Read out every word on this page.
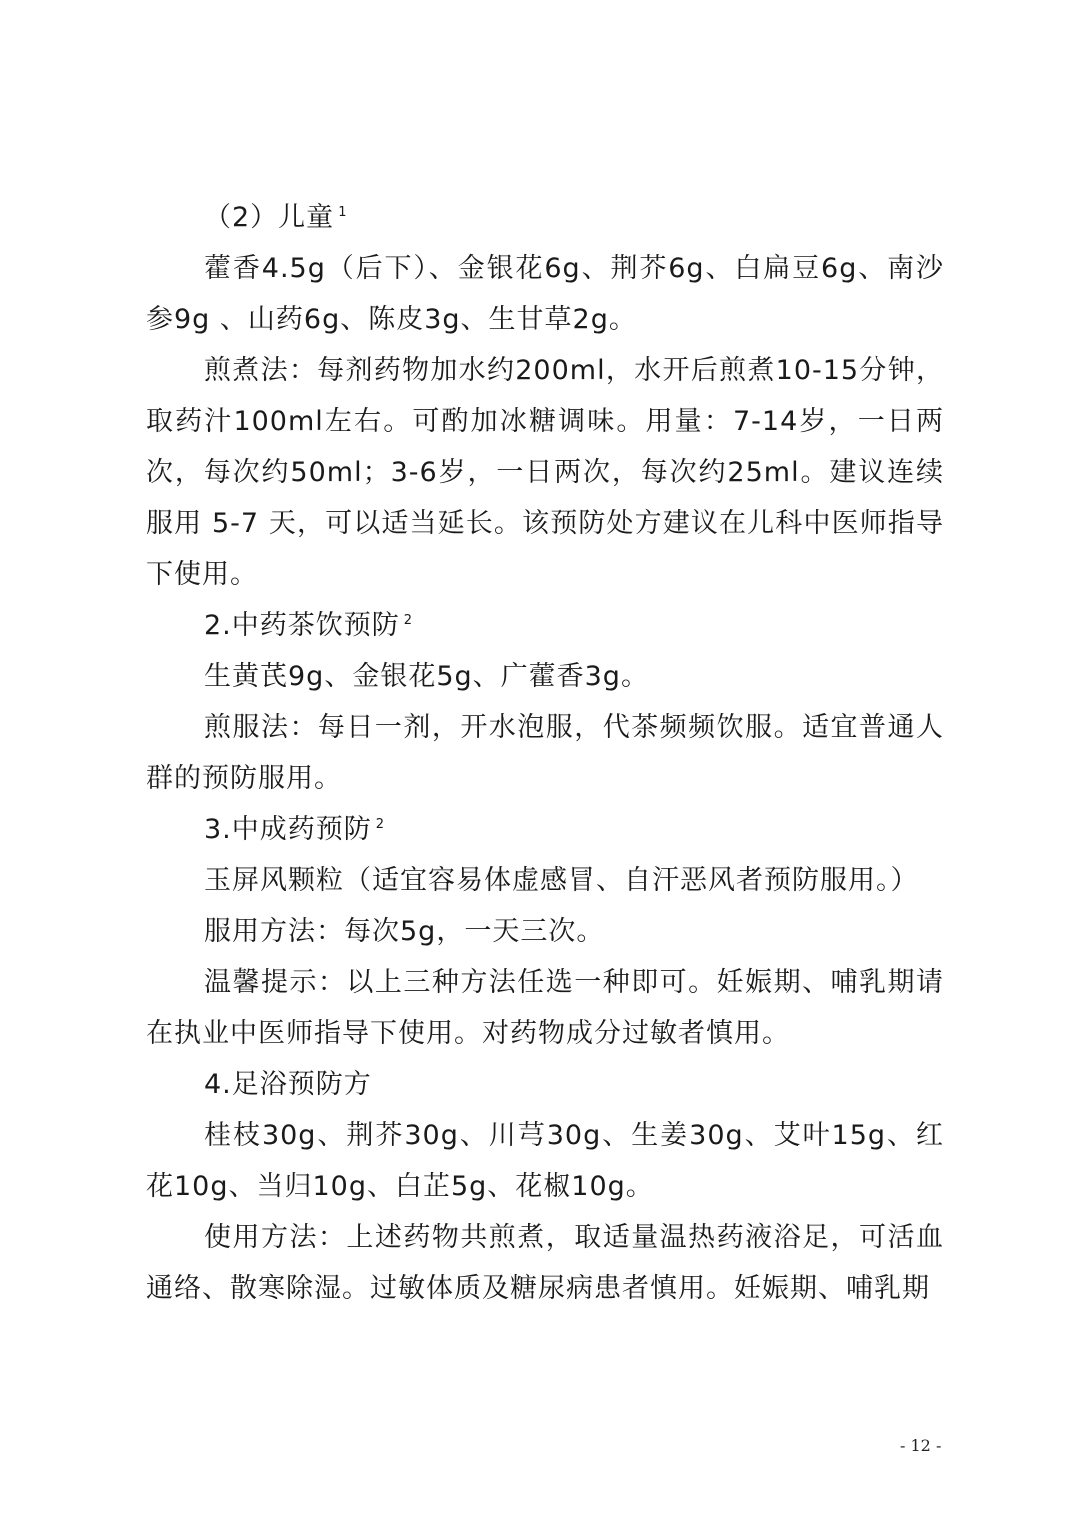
（2）儿童 $^1$

藿香4.5g（后下）、金银花6g、荆芥6g、白扁豆6g、南沙参9g 、山药6g、陈皮3g、生甘草2g。

煎煮法：每剂药物加水约200ml，水开后煎煮10-15分钟，取药汁100ml左右。可酌加冰糖调味。用量：7-14岁，一日两次，每次约50ml；3-6岁，一日两次，每次约25ml。建议连续服用 5-7 天，可以适当延长。该预防处方建议在儿科中医师指导下使用。

2.中药茶饮预防 $^2$

生黄芪9g、金银花5g、广藿香3g。

煎服法：每日一剂，开水泡服，代茶频频饮服。适宜普通人群的预防服用。

3.中成药预防 $^2$

玉屏风颗粒（适宜容易体虚感冒、自汗恶风者预防服用。）

服用方法：每次5g，一天三次。

温馨提示：以上三种方法任选一种即可。妊娠期、哺乳期请在执业中医师指导下使用。对药物成分过敏者慎用。

4.足浴预防方

桂枝30g、荆芥30g、川芎30g、生姜30g、艾叶15g、红花10g、当归10g、白芷5g、花椒10g。

使用方法：上述药物共煎煮，取适量温热药液浴足，可活血通络、散寒除湿。过敏体质及糖尿病患者慎用。妊娠期、哺乳期

- 12 -
